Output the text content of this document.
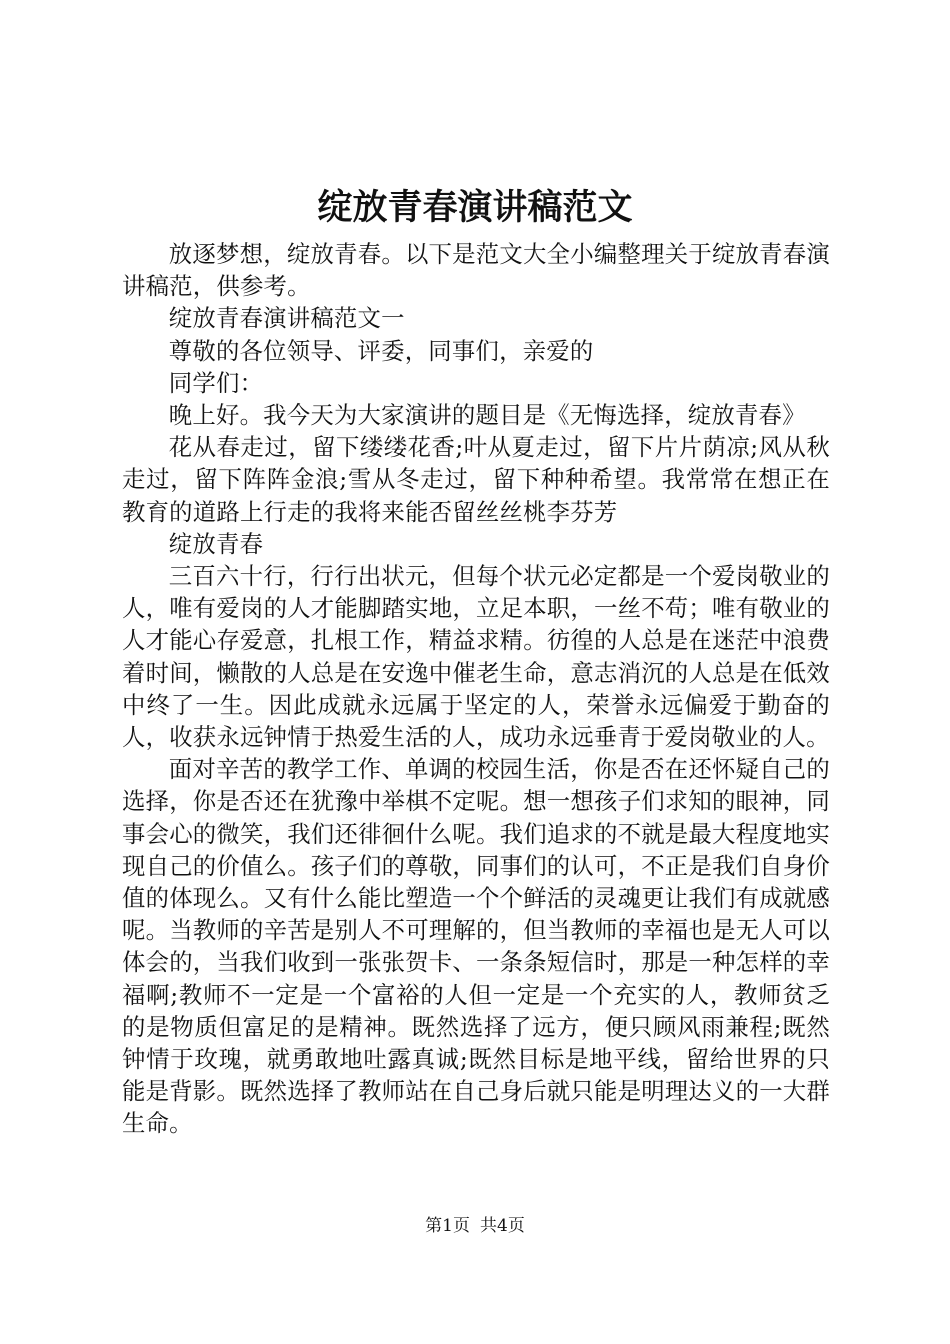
绽放青春演讲稿范文

放逐梦想，绽放青春。以下是范文大全小编整理关于绽放青春演讲稿范，供参考。

绽放青春演讲稿范文一

尊敬的各位领导、评委，同事们，亲爱的

同学们：

晚上好。我今天为大家演讲的题目是《无悔选择，绽放青春》

花从春走过，留下缕缕花香;叶从夏走过，留下片片荫凉;风从秋走过，留下阵阵金浪;雪从冬走过，留下种种希望。我常常在想正在教育的道路上行走的我将来能否留丝丝桃李芬芳

绽放青春

三百六十行，行行出状元，但每个状元必定都是一个爱岗敬业的人，唯有爱岗的人才能脚踏实地，立足本职，一丝不苟；唯有敬业的人才能心存爱意，扎根工作，精益求精。彷徨的人总是在迷茫中浪费着时间，懒散的人总是在安逸中催老生命，意志消沉的人总是在低效中终了一生。因此成就永远属于坚定的人，荣誉永远偏爱于勤奋的人，收获永远钟情于热爱生活的人，成功永远垂青于爱岗敬业的人。

面对辛苦的教学工作、单调的校园生活，你是否在还怀疑自己的选择，你是否还在犹豫中举棋不定呢。想一想孩子们求知的眼神，同事会心的微笑，我们还徘徊什么呢。我们追求的不就是最大程度地实现自己的价值么。孩子们的尊敬，同事们的认可，不正是我们自身价值的体现么。又有什么能比塑造一个个鲜活的灵魂更让我们有成就感呢。当教师的辛苦是别人不可理解的，但当教师的幸福也是无人可以体会的，当我们收到一张张贺卡、一条条短信时，那是一种怎样的幸福啊;教师不一定是一个富裕的人但一定是一个充实的人，教师贫乏的是物质但富足的是精神。既然选择了远方，便只顾风雨兼程;既然钟情于玫瑰，就勇敢地吐露真诚;既然目标是地平线，留给世界的只能是背影。既然选择了教师站在自己身后就只能是明理达义的一大群生命。

第1页 共4页
